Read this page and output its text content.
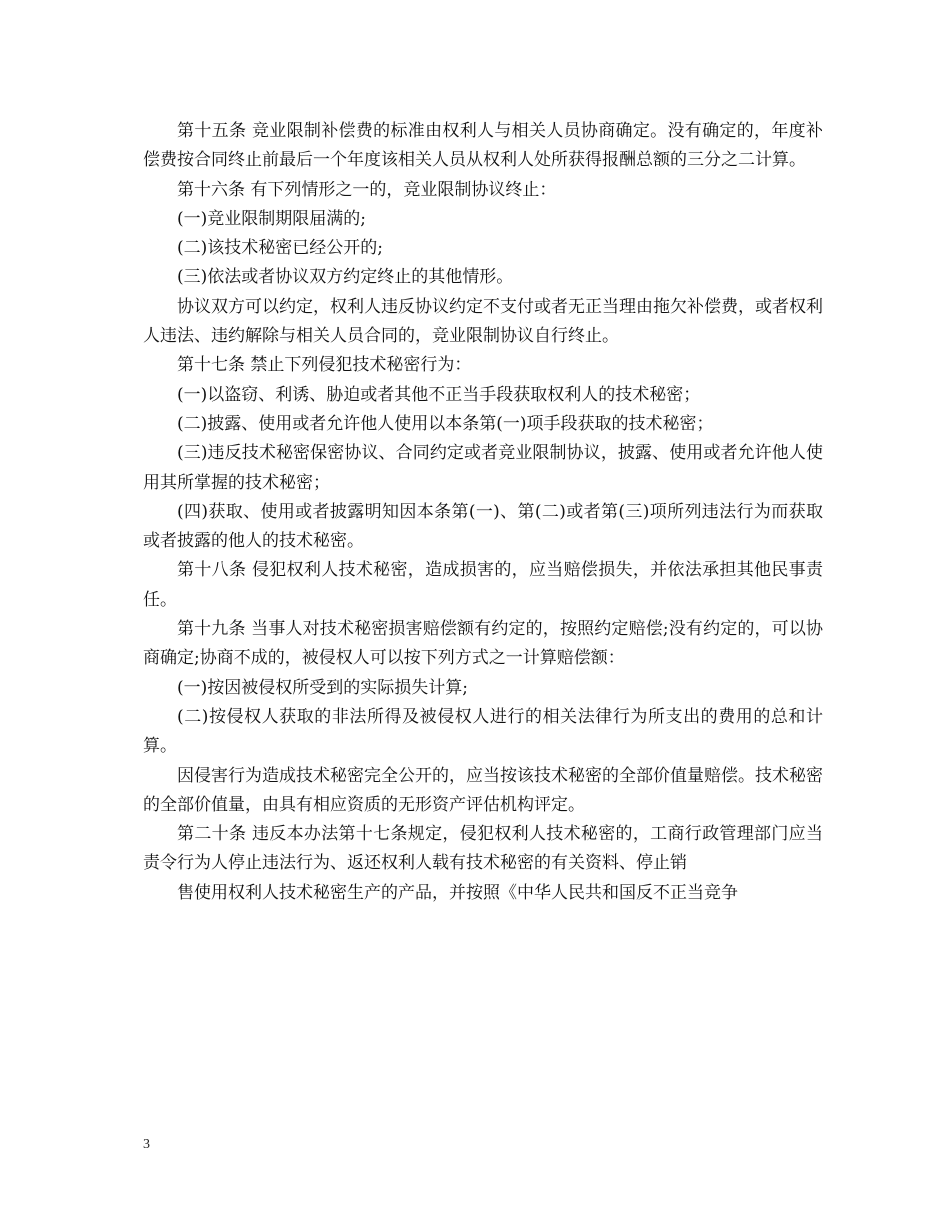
第十五条 竞业限制补偿费的标准由权利人与相关人员协商确定。没有确定的，年度补偿费按合同终止前最后一个年度该相关人员从权利人处所获得报酬总额的三分之二计算。

第十六条 有下列情形之一的，竞业限制协议终止：

(一)竞业限制期限届满的;

(二)该技术秘密已经公开的;

(三)依法或者协议双方约定终止的其他情形。

协议双方可以约定，权利人违反协议约定不支付或者无正当理由拖欠补偿费，或者权利人违法、违约解除与相关人员合同的，竞业限制协议自行终止。

第十七条 禁止下列侵犯技术秘密行为：

(一)以盗窃、利诱、胁迫或者其他不正当手段获取权利人的技术秘密；

(二)披露、使用或者允许他人使用以本条第(一)项手段获取的技术秘密；

(三)违反技术秘密保密协议、合同约定或者竞业限制协议，披露、使用或者允许他人使用其所掌握的技术秘密；

(四)获取、使用或者披露明知因本条第(一)、第(二)或者第(三)项所列违法行为而获取或者披露的他人的技术秘密。

第十八条 侵犯权利人技术秘密，造成损害的，应当赔偿损失，并依法承担其他民事责任。

第十九条 当事人对技术秘密损害赔偿额有约定的，按照约定赔偿;没有约定的，可以协商确定;协商不成的，被侵权人可以按下列方式之一计算赔偿额：

(一)按因被侵权所受到的实际损失计算;

(二)按侵权人获取的非法所得及被侵权人进行的相关法律行为所支出的费用的总和计算。

因侵害行为造成技术秘密完全公开的，应当按该技术秘密的全部价值量赔偿。技术秘密的全部价值量，由具有相应资质的无形资产评估机构评定。

第二十条 违反本办法第十七条规定，侵犯权利人技术秘密的，工商行政管理部门应当责令行为人停止违法行为、返还权利人载有技术秘密的有关资料、停止销

售使用权利人技术秘密生产的产品，并按照《中华人民共和国反不正当竞争

3
